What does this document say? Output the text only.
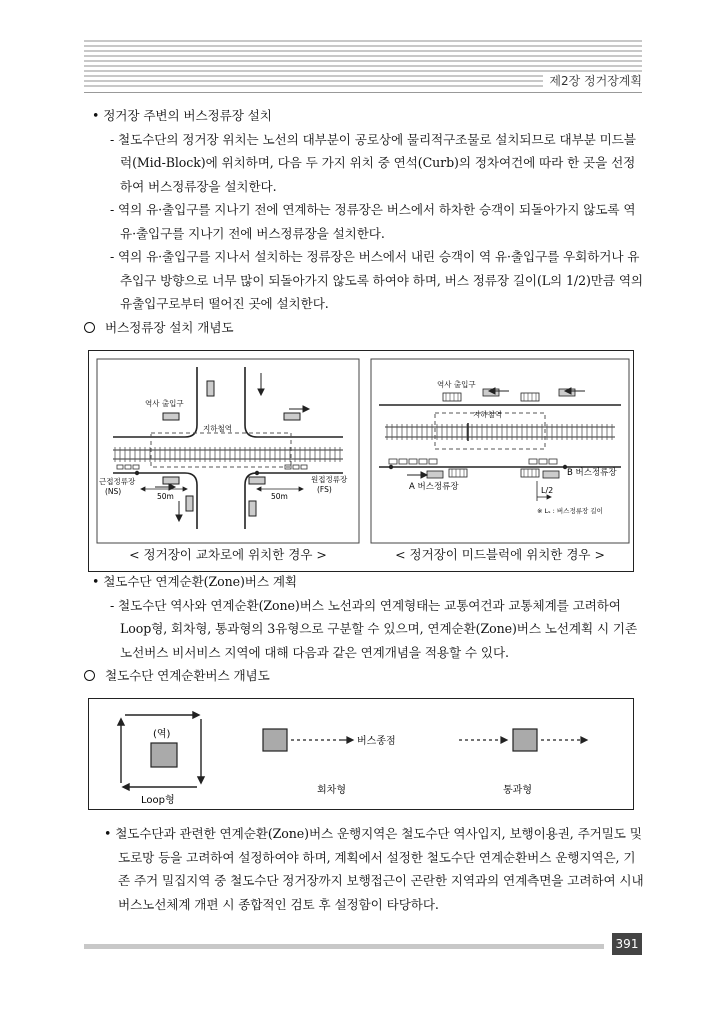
제2장 정거장계획
• 정거장 주변의 버스정류장 설치
- 철도수단의 정거장 위치는 노선의 대부분이 공로상에 물리적구조물로 설치되므로 대부분 미드블럭(Mid-Block)에 위치하며, 다음 두 가지 위치 중 연석(Curb)의 정차여건에 따라 한 곳을 선정하여 버스정류장을 설치한다.
- 역의 유·출입구를 지나기 전에 연계하는 정류장은 버스에서 하차한 승객이 되돌아가지 않도록 역 유·출입구를 지나기 전에 버스정류장을 설치한다.
- 역의 유·출입구를 지나서 설치하는 정류장은 버스에서 내린 승객이 역 유·출입구를 우회하거나 유추입구 방향으로 너무 많이 되돌아가지 않도록 하여야 하며, 버스 정류장 길이(L의 1/2)만큼 역의 유출입구로부터 떨어진 곳에 설치한다.
버스정류장 설치 개념도
역사 출입구
지하철역
근접정류장
(NS)
원접정류장
(FS)
50m	50m
역사 출입구
지하철역
A 버스정류장
B 버스정류장
L/2
※ Lₛ : 버스정류장 길이
< 정거장이 교차로에 위치한 경우 >	< 정거장이 미드블럭에 위치한 경우 >
• 철도수단 연계순환(Zone)버스 계획
- 철도수단 역사와 연계순환(Zone)버스 노선과의 연계형태는 교통여건과 교통체계를 고려하여 Loop형, 회차형, 통과형의 3유형으로 구분할 수 있으며, 연계순환(Zone)버스 노선계획 시 기존 노선버스 비서비스 지역에 대해 다음과 같은 연계개념을 적용할 수 있다.
철도수단 연계순환버스 개념도
(역)
Loop형
버스종점
회차형	통과형
• 철도수단과 관련한 연계순환(Zone)버스 운행지역은 철도수단 역사입지, 보행이용권, 주거밀도 및 도로망 등을 고려하여 설정하여야 하며, 계획에서 설정한 철도수단 연계순환버스 운행지역은, 기존 주거 밀집지역 중 철도수단 정거장까지 보행접근이 곤란한 지역과의 연계측면을 고려하여 시내버스노선체계 개편 시 종합적인 검토 후 설정함이 타당하다.
391
